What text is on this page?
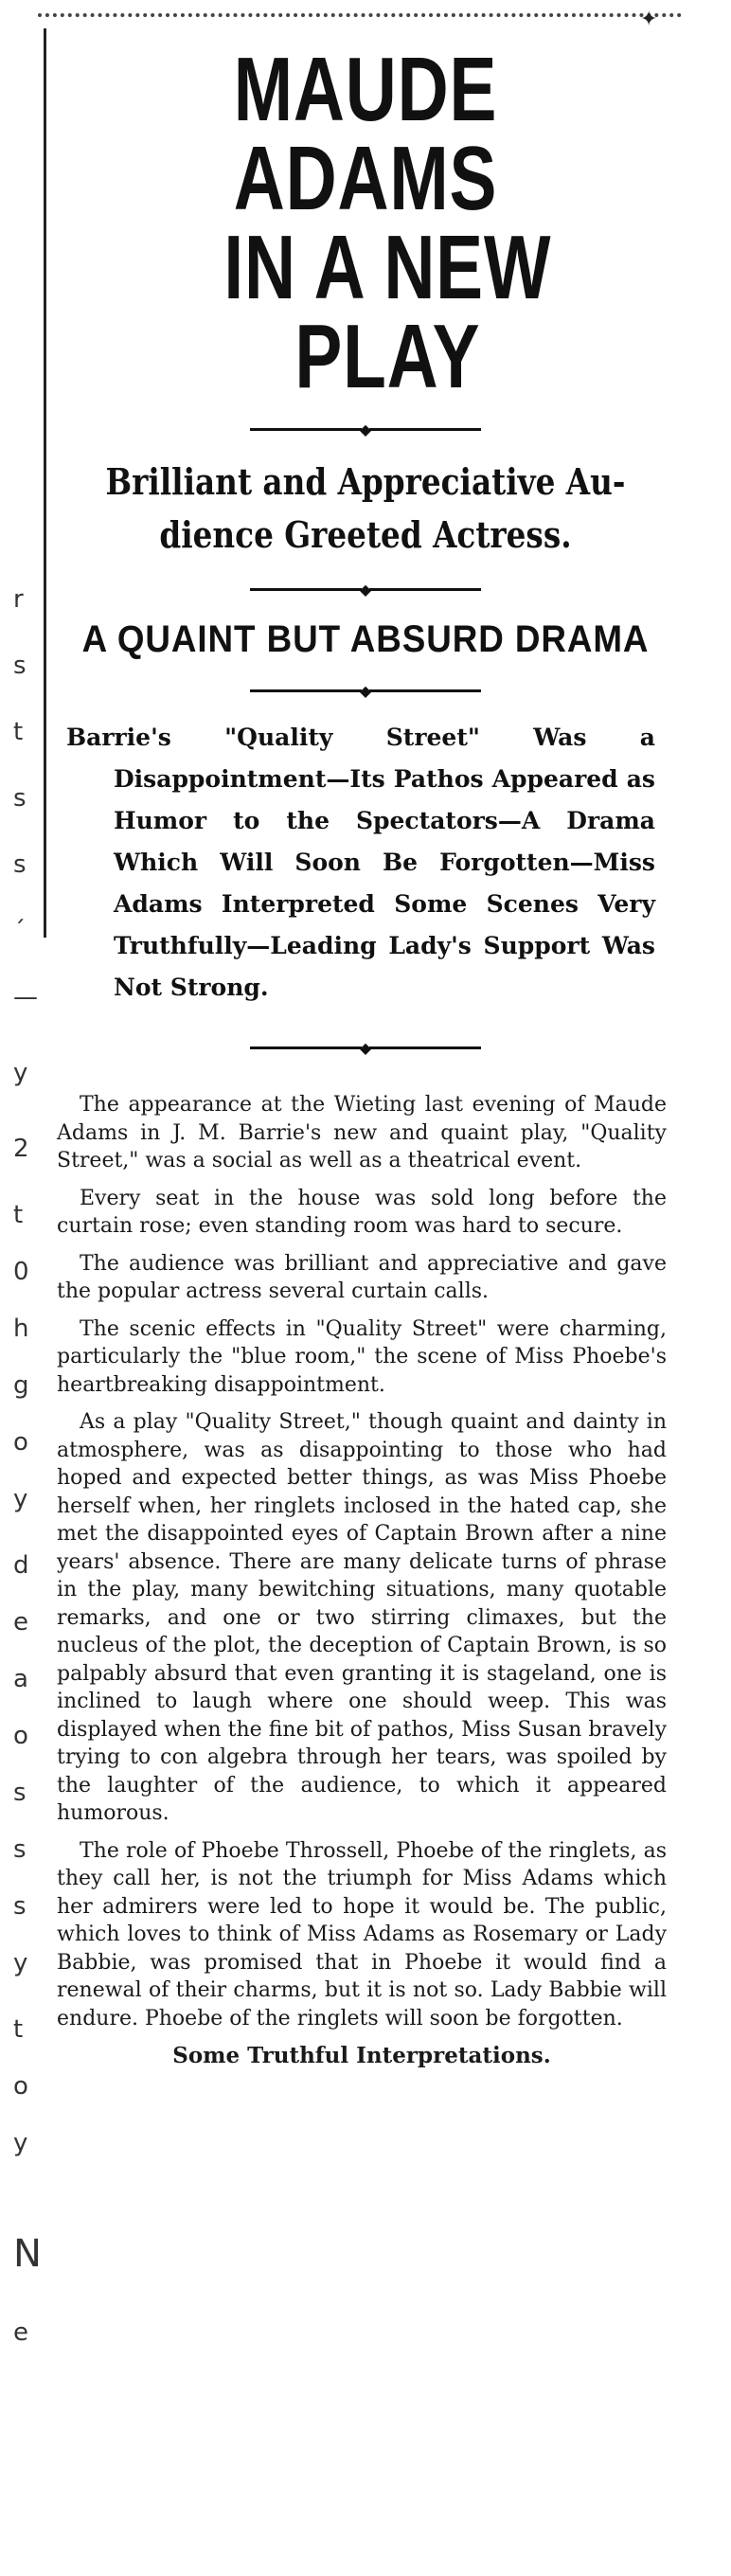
✦
r
s
t
s
s
´
—
y
2
t
0
h
g
o
y
d
e
a
o
s
s
s
y
t
o
y
N
e
MAUDE ADAMS
IN A NEW PLAY
◆
Brilliant and Appreciative Au-
dience Greeted Actress.
◆
A QUAINT BUT ABSURD DRAMA
◆

Barrie's "Quality Street" Was a Disappointment—Its Pathos Appeared as Humor to the Spectators—A Drama Which Will Soon Be Forgotten—Miss Adams Interpreted Some Scenes Very Truthfully—Leading Lady's Support Was Not Strong.

◆

The appearance at the Wieting last evening of Maude Adams in J. M. Barrie's new and quaint play, "Quality Street," was a social as well as a theatrical event.

Every seat in the house was sold long before the curtain rose; even standing room was hard to secure.

The audience was brilliant and appreciative and gave the popular actress several curtain calls.

The scenic effects in "Quality Street" were charming, particularly the "blue room," the scene of Miss Phoebe's heartbreaking disappointment.

As a play "Quality Street," though quaint and dainty in atmosphere, was as disappointing to those who had hoped and expected better things, as was Miss Phoebe herself when, her ringlets inclosed in the hated cap, she met the disappointed eyes of Captain Brown after a nine years' absence. There are many delicate turns of phrase in the play, many bewitching situations, many quotable remarks, and one or two stirring climaxes, but the nucleus of the plot, the deception of Captain Brown, is so palpably absurd that even granting it is stageland, one is inclined to laugh where one should weep. This was displayed when the fine bit of pathos, Miss Susan bravely trying to con algebra through her tears, was spoiled by the laughter of the audience, to which it appeared humorous.

The role of Phoebe Throssell, Phoebe of the ringlets, as they call her, is not the triumph for Miss Adams which her admirers were led to hope it would be. The public, which loves to think of Miss Adams as Rosemary or Lady Babbie, was promised that in Phoebe it would find a renewal of their charms, but it is not so. Lady Babbie will endure. Phoebe of the ringlets will soon be forgotten.

Some Truthful Interpretations.
